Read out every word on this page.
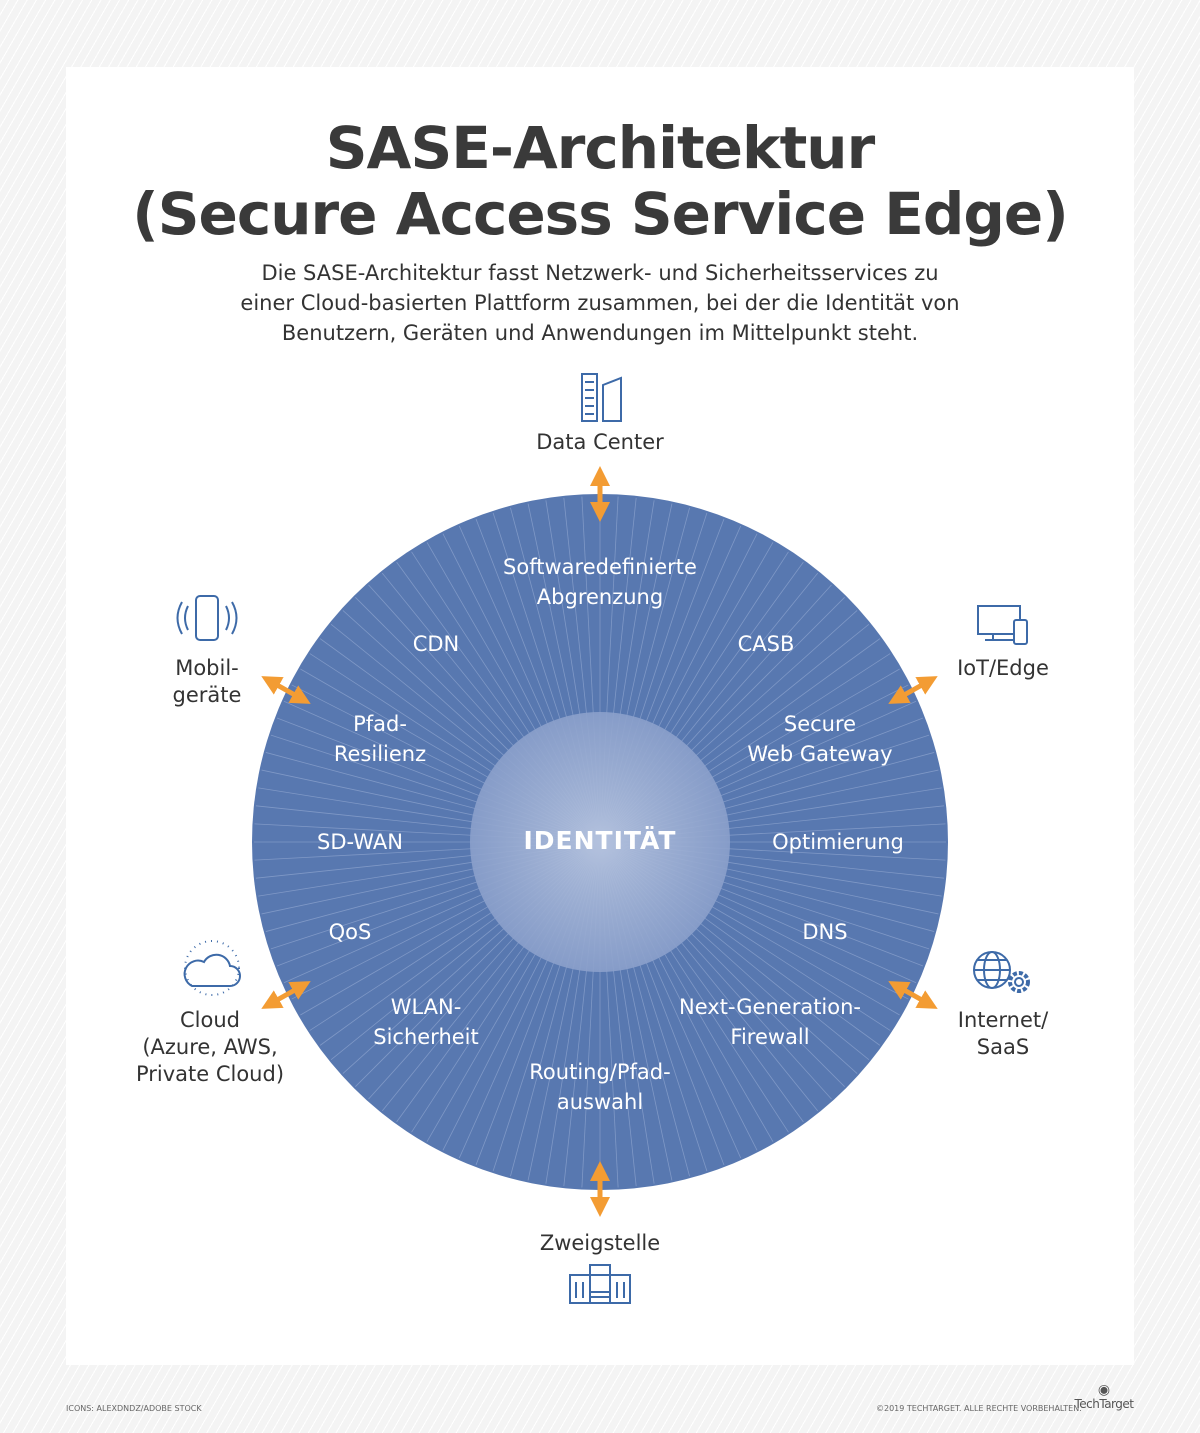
SASE-Architektur
(Secure Access Service Edge)
Die SASE-Architektur fasst Netzwerk- und Sicherheitsservices zu
einer Cloud-basierten Plattform zusammen, bei der die Identität von
Benutzern, Geräten und Anwendungen im Mittelpunkt steht.
Softwaredefinierte
Abgrenzung
CDN	CASB
Pfad-
Resilienz
Secure
Web Gateway
SD-WAN	Optimierung
QoS	DNS
WLAN-
Sicherheit
Next-Generation-
Firewall
Routing/Pfad-
auswahl
IDENTITÄT
Data Center
Mobil-
geräte
IoT/Edge
Cloud
(Azure, AWS,
Private Cloud)
Internet/
SaaS
Zweigstelle
ICONS: ALEXDNDZ/ADOBE STOCK	©2019 TECHTARGET. ALLE RECHTE VORBEHALTEN.
◉
TechTarget
